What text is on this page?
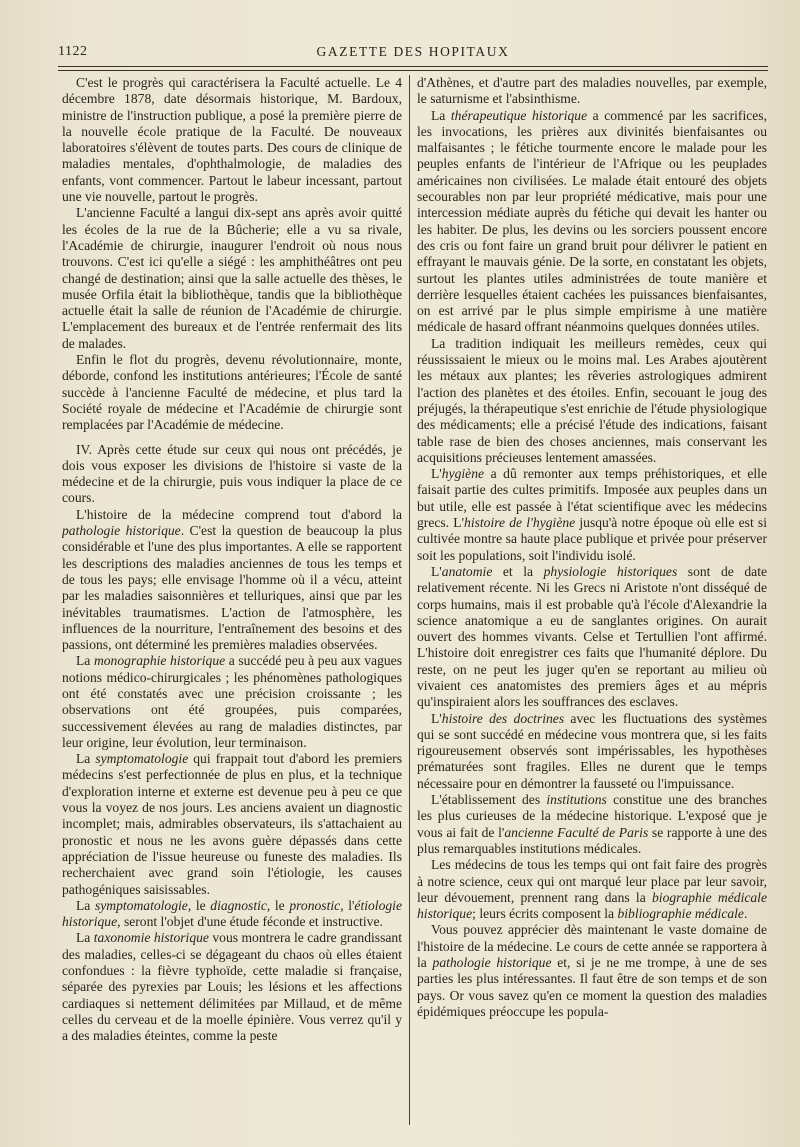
1122	GAZETTE DES HOPITAUX

C'est le progrès qui caractérisera la Faculté actuelle. Le 4 décembre 1878, date désormais historique, M. Bardoux, ministre de l'instruction publique, a posé la première pierre de la nouvelle école pratique de la Faculté. De nouveaux laboratoires s'élèvent de toutes parts. Des cours de clinique de maladies mentales, d'ophthalmologie, de maladies des enfants, vont commencer. Partout le labeur incessant, partout une vie nouvelle, partout le progrès.

L'ancienne Faculté a langui dix-sept ans après avoir quitté les écoles de la rue de la Bûcherie; elle a vu sa rivale, l'Académie de chirurgie, inaugurer l'endroit où nous nous trouvons. C'est ici qu'elle a siégé : les amphithéâtres ont peu changé de destination; ainsi que la salle actuelle des thèses, le musée Orfila était la bibliothèque, tandis que la bibliothèque actuelle était la salle de réunion de l'Académie de chirurgie. L'emplacement des bureaux et de l'entrée renfermait des lits de malades.

Enfin le flot du progrès, devenu révolutionnaire, monte, déborde, confond les institutions antérieures; l'École de santé succède à l'ancienne Faculté de médecine, et plus tard la Société royale de médecine et l'Académie de chirurgie sont remplacées par l'Académie de médecine.

IV. Après cette étude sur ceux qui nous ont précédés, je dois vous exposer les divisions de l'histoire si vaste de la médecine et de la chirurgie, puis vous indiquer la place de ce cours.

L'histoire de la médecine comprend tout d'abord la pathologie historique. C'est la question de beaucoup la plus considérable et l'une des plus importantes. A elle se rapportent les descriptions des maladies anciennes de tous les temps et de tous les pays; elle envisage l'homme où il a vécu, atteint par les maladies saisonnières et telluriques, ainsi que par les inévitables traumatismes. L'action de l'atmosphère, les influences de la nourriture, l'entraînement des besoins et des passions, ont déterminé les premières maladies observées.

La monographie historique a succédé peu à peu aux vagues notions médico-chirurgicales ; les phénomènes pathologiques ont été constatés avec une précision croissante ; les observations ont été groupées, puis comparées, successivement élevées au rang de maladies distinctes, par leur origine, leur évolution, leur terminaison.

La symptomatologie qui frappait tout d'abord les premiers médecins s'est perfectionnée de plus en plus, et la technique d'exploration interne et externe est devenue peu à peu ce que vous la voyez de nos jours. Les anciens avaient un diagnostic incomplet; mais, admirables observateurs, ils s'attachaient au pronostic et nous ne les avons guère dépassés dans cette appréciation de l'issue heureuse ou funeste des maladies. Ils recherchaient avec grand soin l'étiologie, les causes pathogéniques saisissables.

La symptomatologie, le diagnostic, le pronostic, l'étiologie historique, seront l'objet d'une étude féconde et instructive.

La taxonomie historique vous montrera le cadre grandissant des maladies, celles-ci se dégageant du chaos où elles étaient confondues : la fièvre typhoïde, cette maladie si française, séparée des pyrexies par Louis; les lésions et les affections cardiaques si nettement délimitées par Millaud, et de même celles du cerveau et de la moelle épinière. Vous verrez qu'il y a des maladies éteintes, comme la peste

d'Athènes, et d'autre part des maladies nouvelles, par exemple, le saturnisme et l'absinthisme.

La thérapeutique historique a commencé par les sacrifices, les invocations, les prières aux divinités bienfaisantes ou malfaisantes ; le fétiche tourmente encore le malade pour les peuples enfants de l'intérieur de l'Afrique ou les peuplades américaines non civilisées. Le malade était entouré des objets secourables non par leur propriété médicative, mais pour une intercession médiate auprès du fétiche qui devait les hanter ou les habiter. De plus, les devins ou les sorciers poussent encore des cris ou font faire un grand bruit pour délivrer le patient en effrayant le mauvais génie. De la sorte, en constatant les objets, surtout les plantes utiles administrées de toute manière et derrière lesquelles étaient cachées les puissances bienfaisantes, on est arrivé par le plus simple empirisme à une matière médicale de hasard offrant néanmoins quelques données utiles.

La tradition indiquait les meilleurs remèdes, ceux qui réussissaient le mieux ou le moins mal. Les Arabes ajoutèrent les métaux aux plantes; les rêveries astrologiques admirent l'action des planètes et des étoiles. Enfin, secouant le joug des préjugés, la thérapeutique s'est enrichie de l'étude physiologique des médicaments; elle a précisé l'étude des indications, faisant table rase de bien des choses anciennes, mais conservant les acquisitions précieuses lentement amassées.

L'hygiène a dû remonter aux temps préhistoriques, et elle faisait partie des cultes primitifs. Imposée aux peuples dans un but utile, elle est passée à l'état scientifique avec les médecins grecs. L'histoire de l'hygiène jusqu'à notre époque où elle est si cultivée montre sa haute place publique et privée pour préserver soit les populations, soit l'individu isolé.

L'anatomie et la physiologie historiques sont de date relativement récente. Ni les Grecs ni Aristote n'ont disséqué de corps humains, mais il est probable qu'à l'école d'Alexandrie la science anatomique a eu de sanglantes origines. On aurait ouvert des hommes vivants. Celse et Tertullien l'ont affirmé. L'histoire doit enregistrer ces faits que l'humanité déplore. Du reste, on ne peut les juger qu'en se reportant au milieu où vivaient ces anatomistes des premiers âges et au mépris qu'inspiraient alors les souffrances des esclaves.

L'histoire des doctrines avec les fluctuations des systèmes qui se sont succédé en médecine vous montrera que, si les faits rigoureusement observés sont impérissables, les hypothèses prématurées sont fragiles. Elles ne durent que le temps nécessaire pour en démontrer la fausseté ou l'impuissance.

L'établissement des institutions constitue une des branches les plus curieuses de la médecine historique. L'exposé que je vous ai fait de l'ancienne Faculté de Paris se rapporte à une des plus remarquables institutions médicales.

Les médecins de tous les temps qui ont fait faire des progrès à notre science, ceux qui ont marqué leur place par leur savoir, leur dévouement, prennent rang dans la biographie médicale historique; leurs écrits composent la bibliographie médicale.

Vous pouvez apprécier dès maintenant le vaste domaine de l'histoire de la médecine. Le cours de cette année se rapportera à la pathologie historique et, si je ne me trompe, à une de ses parties les plus intéressantes. Il faut être de son temps et de son pays. Or vous savez qu'en ce moment la question des maladies épidémiques préoccupe les popula-
